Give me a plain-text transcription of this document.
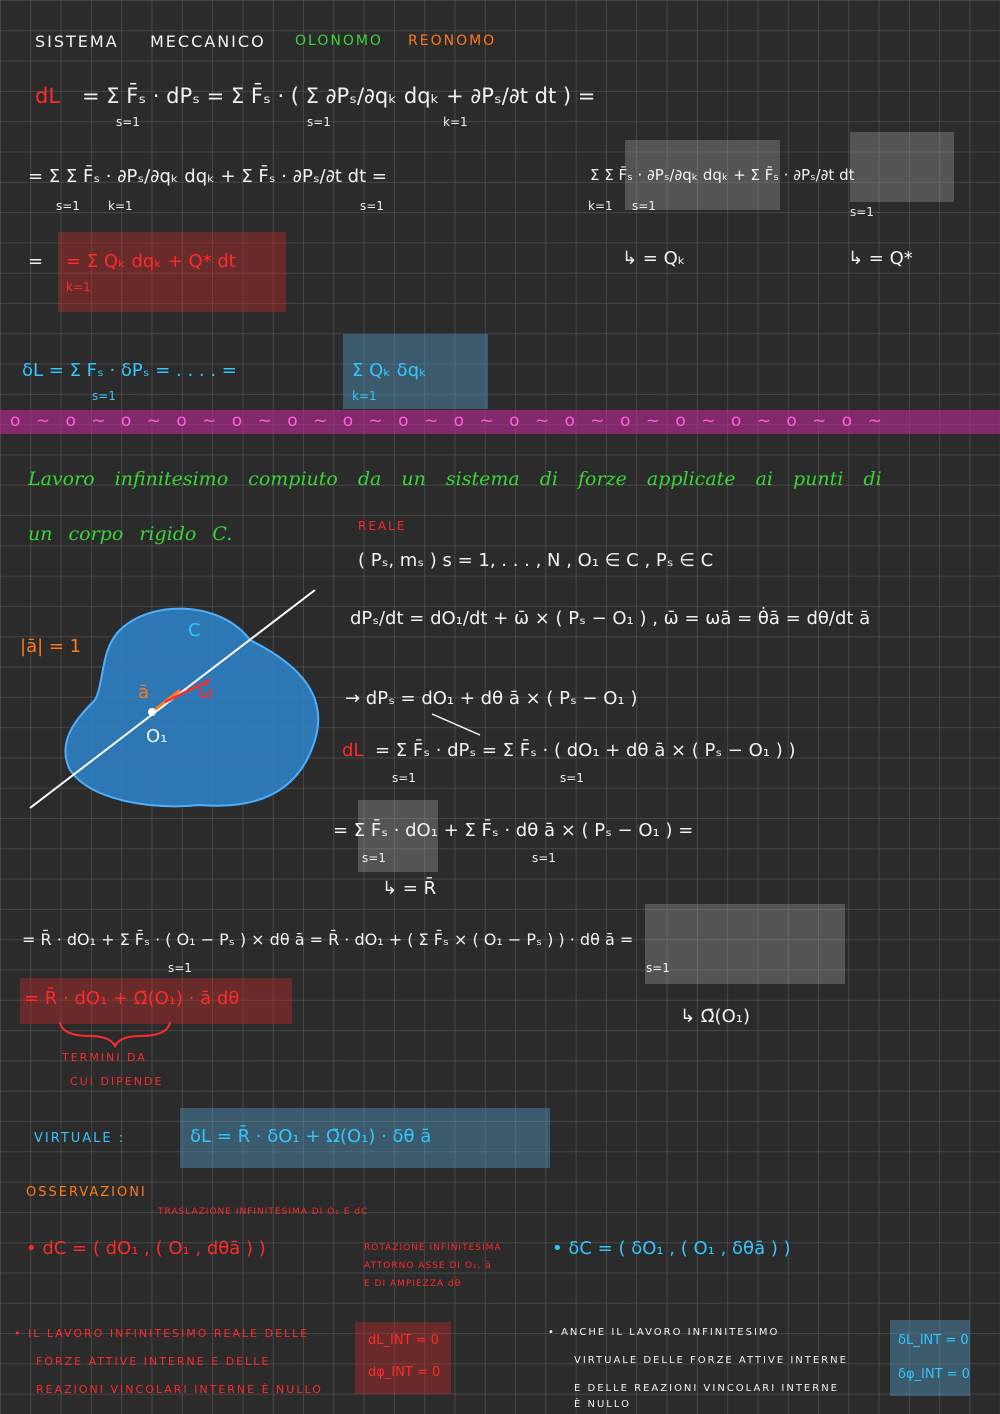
SISTEMA MECCANICO OLONOMO REONOMO
dL = Σ F̄ₛ · dPₛ = Σ F̄ₛ · ( Σ ∂Pₛ/∂qₖ dqₖ + ∂Pₛ/∂t dt ) =
s=1	s=1	k=1
= Σ Σ F̄ₛ · ∂Pₛ/∂qₖ dqₖ + Σ F̄ₛ · ∂Pₛ/∂t dt =	Σ Σ F̄ₛ · ∂Pₛ/∂qₖ dqₖ + Σ F̄ₛ · ∂Pₛ/∂t dt
s=1 k=1	s=1	k=1 s=1	s=1
↳ = Qₖ	↳ = Q*
= = Σ Qₖ dqₖ + Q* dt
k=1
δL = Σ Fₛ · δPₛ = . . . . =
s=1
Σ Qₖ δqₖ
k=1
o ~ o ~ o ~ o ~ o ~ o ~ o ~ o ~ o ~ o ~ o ~ o ~ o ~ o ~ o ~ o ~
Lavoro infinitesimo compiuto da un sistema di forze applicate ai punti di
un corpo rigido C.
|ā| = 1
C
ā	ω̄
O₁
REALE
( Pₛ, mₛ ) s = 1, . . . , N , O₁ ∈ C , Pₛ ∈ C
dPₛ/dt = dO₁/dt + ω̄ × ( Pₛ − O₁ ) , ω̄ = ωā = θ̇ā = dθ/dt ā
→ dPₛ = dO₁ + dθ ā × ( Pₛ − O₁ )
dL = Σ F̄ₛ · dPₛ = Σ F̄ₛ · ( dO₁ + dθ ā × ( Pₛ − O₁ ) )
s=1	s=1
= Σ F̄ₛ · dO₁ + Σ F̄ₛ · dθ ā × ( Pₛ − O₁ ) =
s=1	s=1
↳ = R̄
= R̄ · dO₁ + Σ F̄ₛ · ( O₁ − Pₛ ) × dθ ā = R̄ · dO₁ + ( Σ F̄ₛ × ( O₁ − Pₛ ) ) · dθ ā =
s=1	s=1
↳ Ω̄(O₁)
= R̄ · dO₁ + Ω̄(O₁) · ā dθ
TERMINI DA
CUI DIPENDE
VIRTUALE :	δL = R̄ · δO₁ + Ω̄(O₁) · δθ ā
OSSERVAZIONI
TRASLAZIONE INFINITESIMA DI O₁ E dC
• dC = ( dO₁ , ( O₁ , dθā ) )	ROTAZIONE INFINITESIMA
ATTORNO ASSE DI O₁, ā
E DI AMPIEZZA dθ
• δC = ( δO₁ , ( O₁ , δθā ) )
• IL LAVORO INFINITESIMO REALE DELLE
FORZE ATTIVE INTERNE E DELLE
REAZIONI VINCOLARI INTERNE È NULLO
dL_INT = 0
dφ_INT = 0
• ANCHE IL LAVORO INFINITESIMO
VIRTUALE DELLE FORZE ATTIVE INTERNE
E DELLE REAZIONI VINCOLARI INTERNE
È NULLO
δL_INT = 0
δφ_INT = 0
